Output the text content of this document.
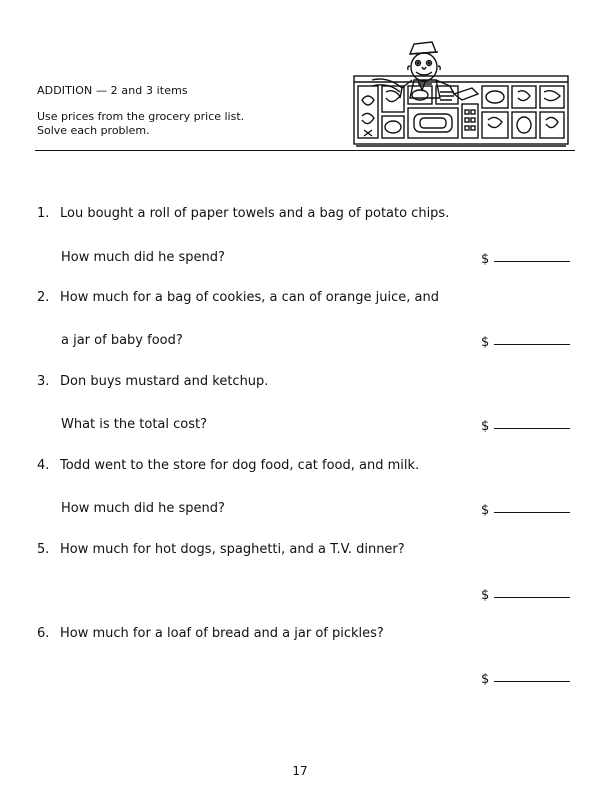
ADDITION — 2 and 3 items
Use prices from the grocery price list.
Solve each problem.
1. Lou bought a roll of paper towels and a bag of potato chips.
How much did he spend?	$
2. How much for a bag of cookies, a can of orange juice, and
a jar of baby food?	$
3. Don buys mustard and ketchup.
What is the total cost?	$
4. Todd went to the store for dog food, cat food, and milk.
How much did he spend?	$
5. How much for hot dogs, spaghetti, and a T.V. dinner?
$
6. How much for a loaf of bread and a jar of pickles?
$
17
